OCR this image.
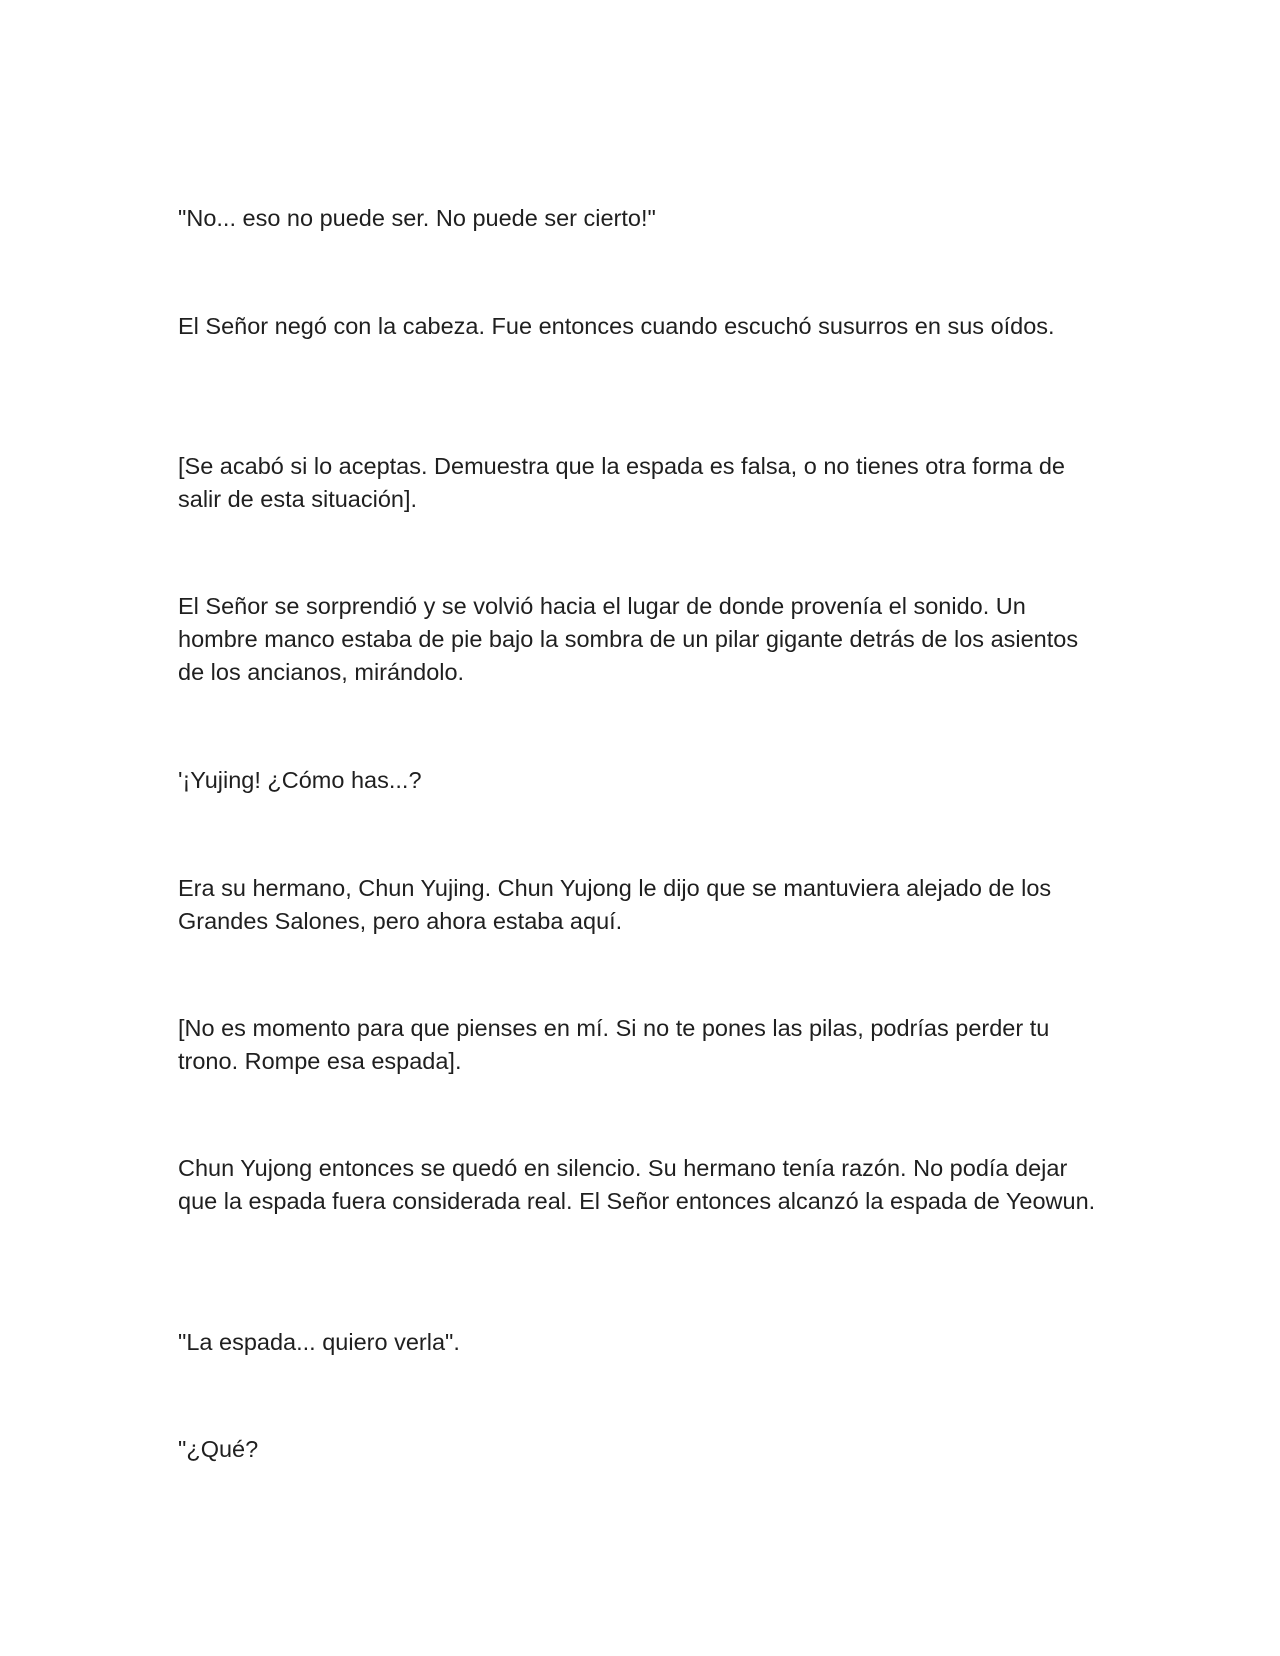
"No... eso no puede ser. No puede ser cierto!"

El Señor negó con la cabeza. Fue entonces cuando escuchó susurros en sus oídos.

[Se acabó si lo aceptas. Demuestra que la espada es falsa, o no tienes otra forma de salir de esta situación].

El Señor se sorprendió y se volvió hacia el lugar de donde provenía el sonido. Un hombre manco estaba de pie bajo la sombra de un pilar gigante detrás de los asientos de los ancianos, mirándolo.

'¡Yujing! ¿Cómo has...?

Era su hermano, Chun Yujing. Chun Yujong le dijo que se mantuviera alejado de los Grandes Salones, pero ahora estaba aquí.

[No es momento para que pienses en mí. Si no te pones las pilas, podrías perder tu trono. Rompe esa espada].

Chun Yujong entonces se quedó en silencio. Su hermano tenía razón. No podía dejar que la espada fuera considerada real. El Señor entonces alcanzó la espada de Yeowun.

"La espada... quiero verla".

"¿Qué?
